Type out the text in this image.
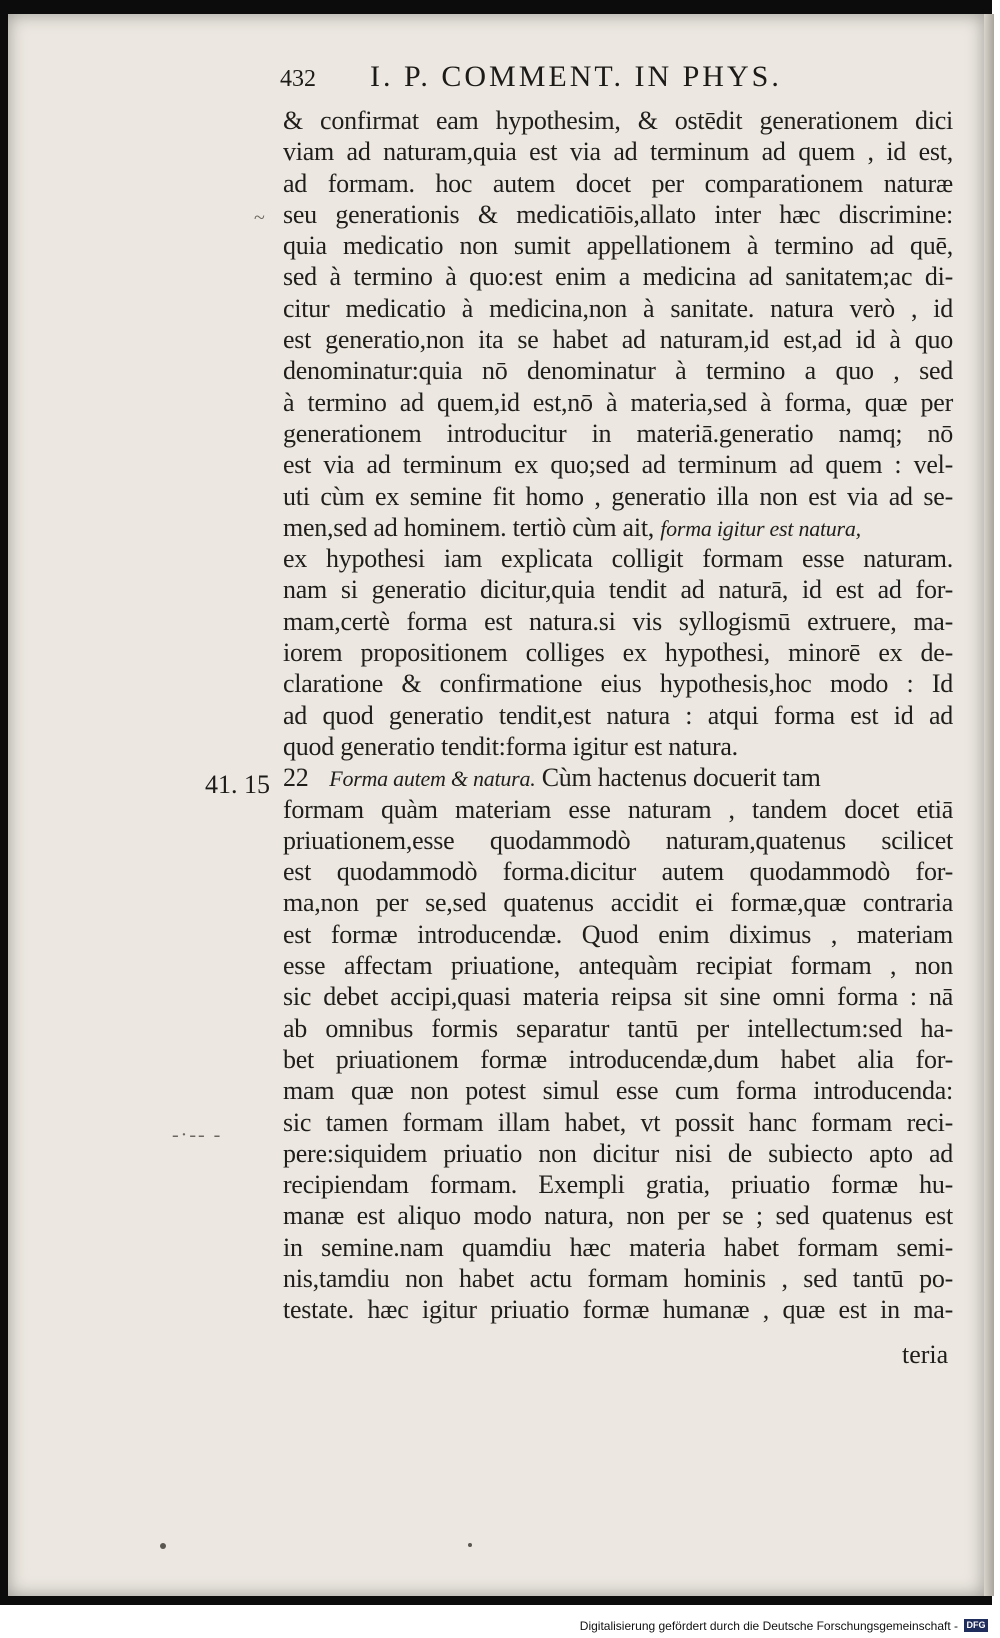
432 I. P. COMMENT. IN PHYS.
& confirmat eam hypothesim, & ostēdit generationem dici
viam ad naturam,quia est via ad terminum ad quem , id est,
ad formam. hoc autem docet per comparationem naturæ
seu generationis & medicatiōis,allato inter hæc discrimine:
quia medicatio non sumit appellationem à termino ad quē,
sed à termino à quo:est enim a medicina ad sanitatem;ac di-
citur medicatio à medicina,non à sanitate. natura verò , id
est generatio,non ita se habet ad naturam,id est,ad id à quo
denominatur:quia nō denominatur à termino a quo , sed
à termino ad quem,id est,nō à materia,sed à forma, quæ per
generationem introducitur in materiā.generatio namq; nō
est via ad terminum ex quo;sed ad terminum ad quem : vel-
uti cùm ex semine fit homo , generatio illa non est via ad se-
men,sed ad hominem. tertiò cùm ait, forma igitur est natura,
ex hypothesi iam explicata colligit formam esse naturam.
nam si generatio dicitur,quia tendit ad naturā, id est ad for-
mam,certè forma est natura.si vis syllogismū extruere, ma-
iorem propositionem colliges ex hypothesi, minorē ex de-
claratione & confirmatione eius hypothesis,hoc modo : Id
ad quod generatio tendit,est natura : atqui forma est id ad
quod generatio tendit:forma igitur est natura.
22 Forma autem & natura. Cùm hactenus docuerit tam
formam quàm materiam esse naturam , tandem docet etiā
priuationem,esse quodammodò naturam,quatenus scilicet
est quodammodò forma.dicitur autem quodammodò for-
ma,non per se,sed quatenus accidit ei formæ,quæ contraria
est formæ introducendæ. Quod enim diximus , materiam
esse affectam priuatione, antequàm recipiat formam , non
sic debet accipi,quasi materia reipsa sit sine omni forma : nā
ab omnibus formis separatur tantū per intellectum:sed ha-
bet priuationem formæ introducendæ,dum habet alia for-
mam quæ non potest simul esse cum forma introducenda:
sic tamen formam illam habet, vt possit hanc formam reci-
pere:siquidem priuatio non dicitur nisi de subiecto apto ad
recipiendam formam. Exempli gratia, priuatio formæ hu-
manæ est aliquo modo natura, non per se ; sed quatenus est
in semine.nam quamdiu hæc materia habet formam semi-
nis,tamdiu non habet actu formam hominis , sed tantū po-
testate. hæc igitur priuatio formæ humanæ , quæ est in ma-
41. 15
-·-- -
~
teria
Digitalisierung gefördert durch die Deutsche Forschungsgemeinschaft - DFG
